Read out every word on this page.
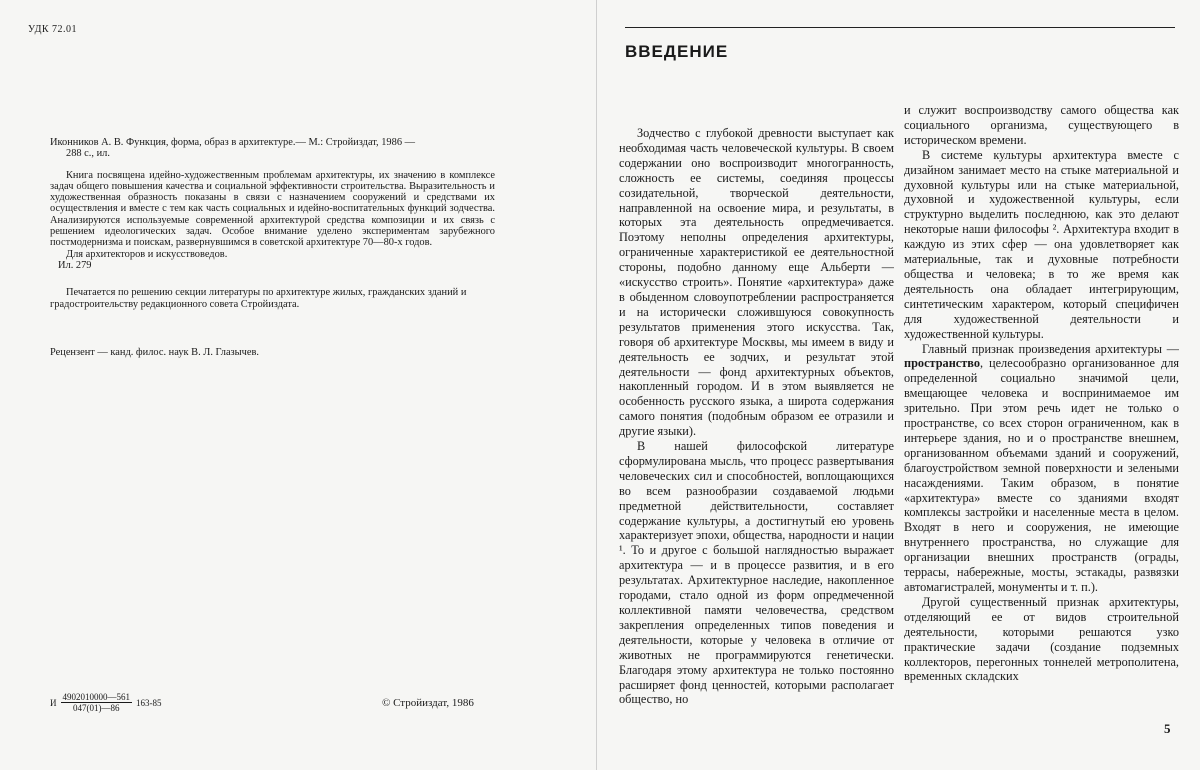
УДК 72.01

Иконников А. В. Функция, форма, образ в архитектуре.— М.: Стройиздат, 1986 —

288 с., ил.

Книга посвящена идейно-художественным проблемам архитектуры, их значению в комплексе задач общего повышения качества и социальной эффективности строительства. Выразительность и художественная образность показаны в связи с назначением сооружений и средствами их осуществления и вместе с тем как часть социальных и идейно-воспитательных функций зодчества. Анализируются используемые современной архитектурой средства композиции и их связь с решением идеологических задач. Особое внимание уделено экспериментам зарубежного постмодернизма и поискам, развернувшимся в советской архитектуре 70—80-х годов.

Для архитекторов и искусствоведов.

Ил. 279

Печатается по решению секции литературы по архитектуре жилых, гражданских зданий и градостроительству редакционного совета Стройиздата.
Рецензент — канд. филос. наук В. Л. Глазычев.
И $\frac{4902010000—561}{047(01)—86} 163-85$	© Стройиздат, 1986
ВВЕДЕНИЕ

Зодчество с глубокой древности выступает как необходимая часть человеческой культуры. В своем содержании оно воспроизводит многогранность, сложность ее системы, соединяя процессы созидательной, творческой деятельности, направленной на освоение мира, и результаты, в которых эта деятельность опредмечивается. Поэтому неполны определения архитектуры, ограниченные характеристикой ее деятельностной стороны, подобно данному еще Альберти — «искусство строить». Понятие «архитектура» даже в обыденном словоупотреблении распространяется и на исторически сложившуюся совокупность результатов применения этого искусства. Так, говоря об архитектуре Москвы, мы имеем в виду и деятельность ее зодчих, и результат этой деятельности — фонд архитектурных объектов, накопленный городом. И в этом выявляется не особенность русского языка, а широта содержания самого понятия (подобным образом ее отразили и другие языки).

В нашей философской литературе сформулирована мысль, что процесс развертывания человеческих сил и способностей, воплощающихся во всем разнообразии создаваемой людьми предметной действительности, составляет содержание культуры, а достигнутый ею уровень характеризует эпохи, общества, народности и нации ¹. То и другое с большой наглядностью выражает архитектура — и в процессе развития, и в его результатах. Архитектурное наследие, накопленное городами, стало одной из форм опредмеченной коллективной памяти человечества, средством закрепления определенных типов поведения и деятельности, которые у человека в отличие от животных не программируются генетически. Благодаря этому архитектура не только постоянно расширяет фонд ценностей, которыми располагает общество, но

и служит воспроизводству самого общества как социального организма, существующего в историческом времени.

В системе культуры архитектура вместе с дизайном занимает место на стыке материальной и духовной культуры или на стыке материальной, духовной и художественной культуры, если структурно выделить последнюю, как это делают некоторые наши философы ². Архитектура входит в каждую из этих сфер — она удовлетворяет как материальные, так и духовные потребности общества и человека; в то же время как деятельность она обладает интегрирующим, синтетическим характером, который специфичен для художественной деятельности и художественной культуры.

Главный признак произведения архитектуры — пространство, целесообразно организованное для определенной социально значимой цели, вмещающее человека и воспринимаемое им зрительно. При этом речь идет не только о пространстве, со всех сторон ограниченном, как в интерьере здания, но и о пространстве внешнем, организованном объемами зданий и сооружений, благоустройством земной поверхности и зелеными насаждениями. Таким образом, в понятие «архитектура» вместе со зданиями входят комплексы застройки и населенные места в целом. Входят в него и сооружения, не имеющие внутреннего пространства, но служащие для организации внешних пространств (ограды, террасы, набережные, мосты, эстакады, развязки автомагистралей, монументы и т. п.).

Другой существенный признак архитектуры, отделяющий ее от видов строительной деятельности, которыми решаются узко практические задачи (создание подземных коллекторов, перегонных тоннелей метрополитена, временных складских

5
